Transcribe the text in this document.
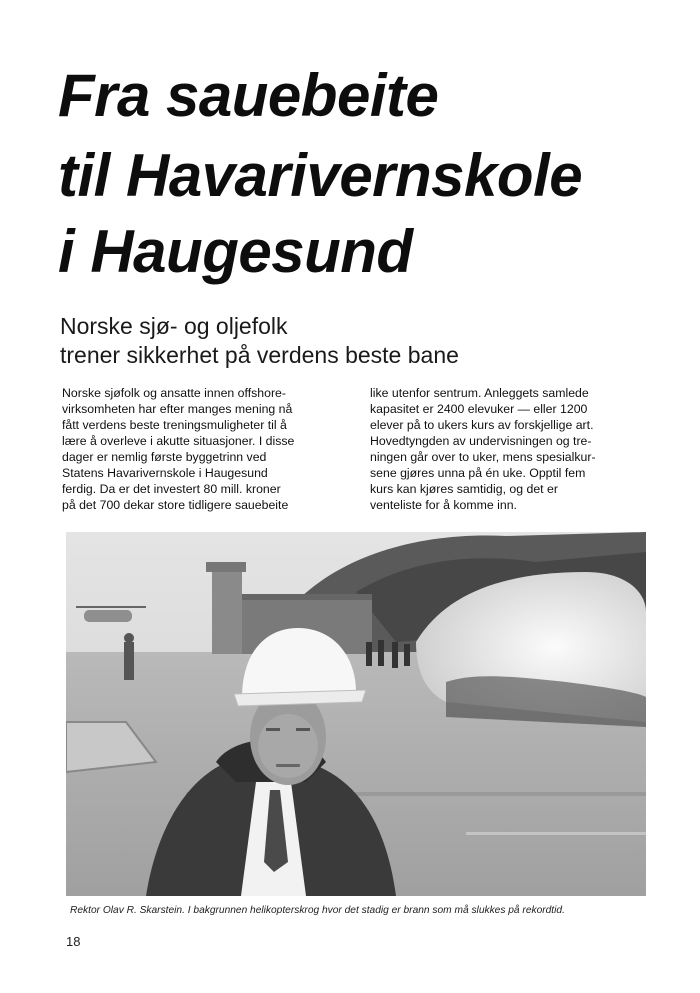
Fra sauebeite
til Havarivernskole
i Haugesund
Norske sjø- og oljefolk
trener sikkerhet på verdens beste bane
Norske sjøfolk og ansatte innen offshore-
virksomheten har efter manges mening nå
fått verdens beste treningsmuligheter til å
lære å overleve i akutte situasjoner. I disse
dager er nemlig første byggetrinn ved
Statens Havarivernskole i Haugesund
ferdig. Da er det investert 80 mill. kroner
på det 700 dekar store tidligere sauebeite
like utenfor sentrum. Anleggets samlede
kapasitet er 2400 elevuker — eller 1200
elever på to ukers kurs av forskjellige art.
Hovedtyngden av undervisningen og tre-
ningen går over to uker, mens spesialkur-
sene gjøres unna på én uke. Opptil fem
kurs kan kjøres samtidig, og det er
venteliste for å komme inn.
Rektor Olav R. Skarstein. I bakgrunnen helikopterskrog hvor det stadig er brann som må slukkes på rekordtid.
18
